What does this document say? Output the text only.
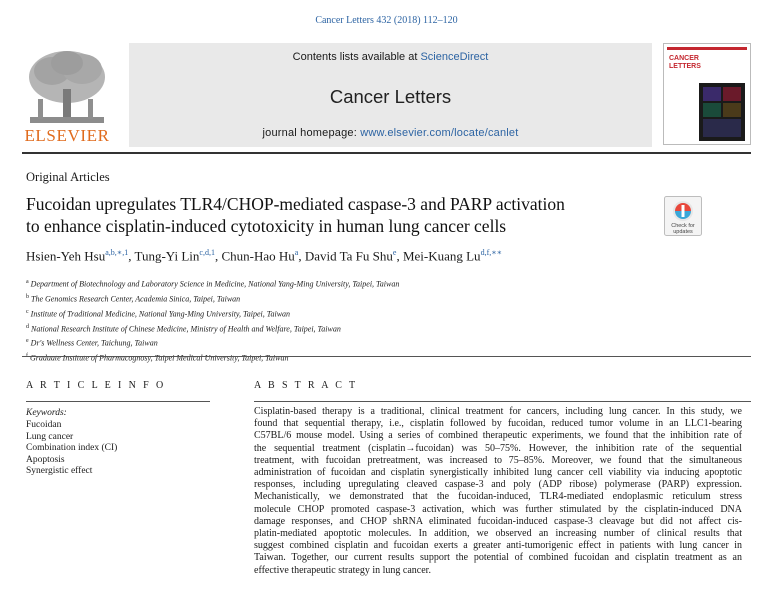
Cancer Letters 432 (2018) 112–120
ELSEVIER
Contents lists available at ScienceDirect
Cancer Letters
journal homepage: www.elsevier.com/locate/canlet
CANCER LETTERS
Original Articles
Fucoidan upregulates TLR4/CHOP-mediated caspase-3 and PARP activation
to enhance cisplatin-induced cytotoxicity in human lung cancer cells	Check for updates
Hsien-Yeh Hsu$^{a,b,∗,1}$, Tung-Yi Lin$^{c,d,1}$, Chun-Hao Hu$^a$, David Ta Fu Shu$^e$, Mei-Kuang $Lu^{d,f,∗∗}$
$^a$ Department of Biotechnology and Laboratory Science in Medicine, National Yang-Ming University, Taipei, Taiwan
$^b$ The Genomics Research Center, Academia Sinica, Taipei, Taiwan
$^c$ Institute of Traditional Medicine, National Yang-Ming University, Taipei, Taiwan
$^d$ National Research Institute of Chinese Medicine, Ministry of Health and Welfare, Taipei, Taiwan
$^e$ Dr's Wellness Center, Taichung, Taiwan
$^f$ Graduate Institute of Pharmacognosy, Taipei Medical University, Taipei, Taiwan
A R T I C L E I N F O
Keywords:
Fucoidan
Lung cancer
Combination index (CI)
Apoptosis
Synergistic effect
A B S T R A C T
Cisplatin-based therapy is a traditional, clinical treatment for cancers, including lung cancer. In this study, we
found that sequential therapy, i.e., cisplatin followed by fucoidan, reduced tumor volume in an LLC1-bearing
C57BL/6 mouse model. Using a series of combined therapeutic experiments, we found that the inhibition rate of
the sequential treatment (cisplatin→fucoidan) was 50–75%. However, the inhibition rate of the sequential
treatment, with fucoidan pretreatment, was increased to 75–85%. Moreover, we found that the simultaneous
administration of fucoidan and cisplatin synergistically inhibited lung cancer cell viability via inducing apoptotic
responses, including upregulating cleaved caspase-3 and poly (ADP ribose) polymerase (PARP) expression.
Mechanistically, we demonstrated that the fucoidan-induced, TLR4-mediated endoplasmic reticulum stress
molecule CHOP promoted caspase-3 activation, which was further stimulated by the cisplatin-induced DNA
damage responses, and CHOP shRNA eliminated fucoidan-induced caspase-3 cleavage but did not affect cis-
platin-mediated apoptotic molecules. In addition, we observed an increasing number of clinical results that
suggest combined cisplatin and fucoidan exerts a greater anti-tumorigenic effect in patients with lung cancer in
Taiwan. Together, our current results support the potential of combined fucoidan and cisplatin treatment as an
effective therapeutic strategy in lung cancer.
